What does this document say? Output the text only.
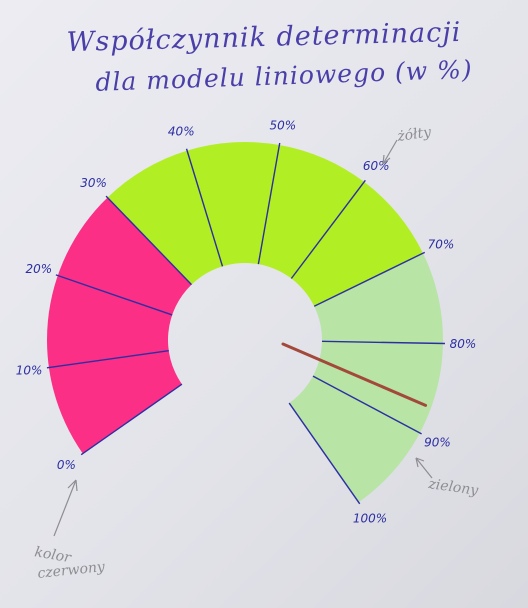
Współczynnik determinacji
dla modelu liniowego (w %)
0%
10%
20%
30%
40%	50%
60%
70%
80%
90%
100%
żółty
zielony
kolor
czerwony
